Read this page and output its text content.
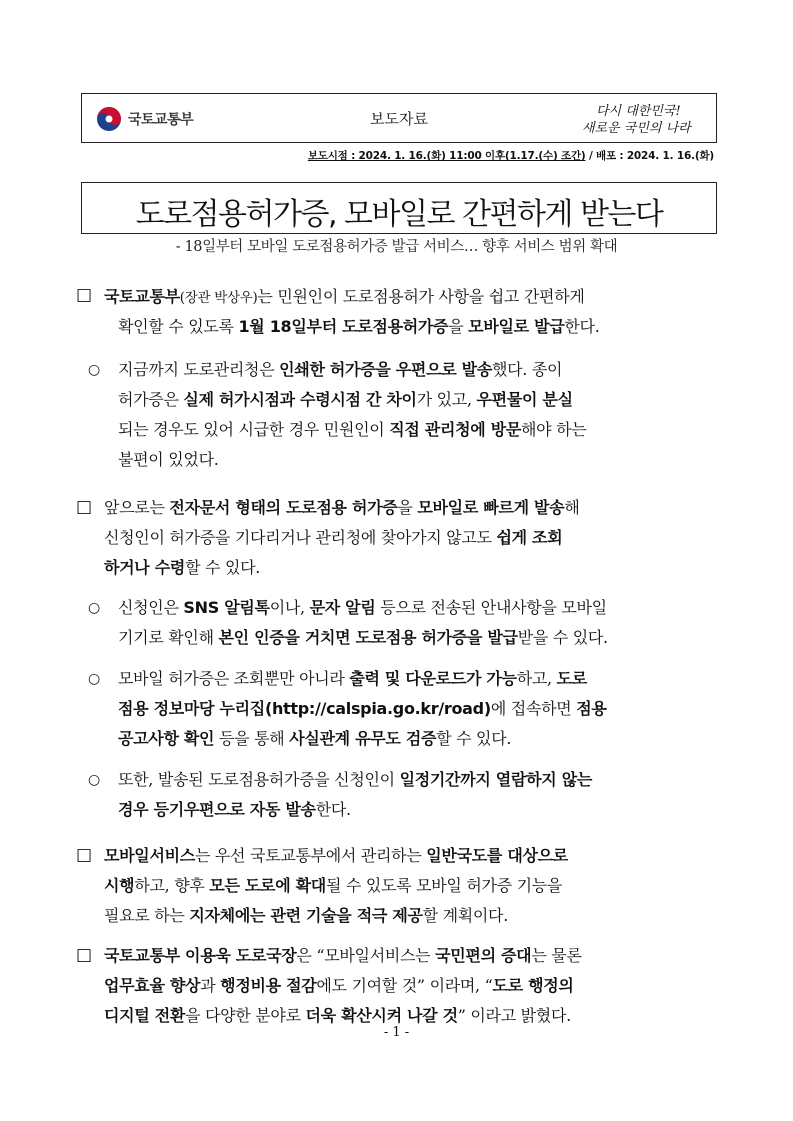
국토교통부	보도자료	다시 대한민국!
새로운 국민의 나라
보도시점 : 2024. 1. 16.(화) 11:00 이후(1.17.(수) 조간) / 배포 : 2024. 1. 16.(화)
도로점용허가증, 모바일로 간편하게 받는다
- 18일부터 모바일 도로점용허가증 발급 서비스… 향후 서비스 범위 확대
□ 국토교통부(장관 박상우)는 민원인이 도로점용허가 사항을 쉽고 간편하게
확인할 수 있도록 1월 18일부터 도로점용허가증을 모바일로 발급한다.
○ 지금까지 도로관리청은 인쇄한 허가증을 우편으로 발송했다. 종이
허가증은 실제 허가시점과 수령시점 간 차이가 있고, 우편물이 분실
되는 경우도 있어 시급한 경우 민원인이 직접 관리청에 방문해야 하는
불편이 있었다.
□ 앞으로는 전자문서 형태의 도로점용 허가증을 모바일로 빠르게 발송해
신청인이 허가증을 기다리거나 관리청에 찾아가지 않고도 쉽게 조회
하거나 수령할 수 있다.
○ 신청인은 SNS 알림톡이나, 문자 알림 등으로 전송된 안내사항을 모바일
기기로 확인해 본인 인증을 거치면 도로점용 허가증을 발급받을 수 있다.
○ 모바일 허가증은 조회뿐만 아니라 출력 및 다운로드가 가능하고, 도로
점용 정보마당 누리집(http://calspia.go.kr/road)에 접속하면 점용
공고사항 확인 등을 통해 사실관계 유무도 검증할 수 있다.
○ 또한, 발송된 도로점용허가증을 신청인이 일정기간까지 열람하지 않는
경우 등기우편으로 자동 발송한다.
□ 모바일서비스는 우선 국토교통부에서 관리하는 일반국도를 대상으로
시행하고, 향후 모든 도로에 확대될 수 있도록 모바일 허가증 기능을
필요로 하는 지자체에는 관련 기술을 적극 제공할 계획이다.
□ 국토교통부 이용욱 도로국장은 “모바일서비스는 국민편의 증대는 물론
업무효율 향상과 행정비용 절감에도 기여할 것” 이라며, “도로 행정의
디지털 전환을 다양한 분야로 더욱 확산시켜 나갈 것” 이라고 밝혔다.
- 1 -
